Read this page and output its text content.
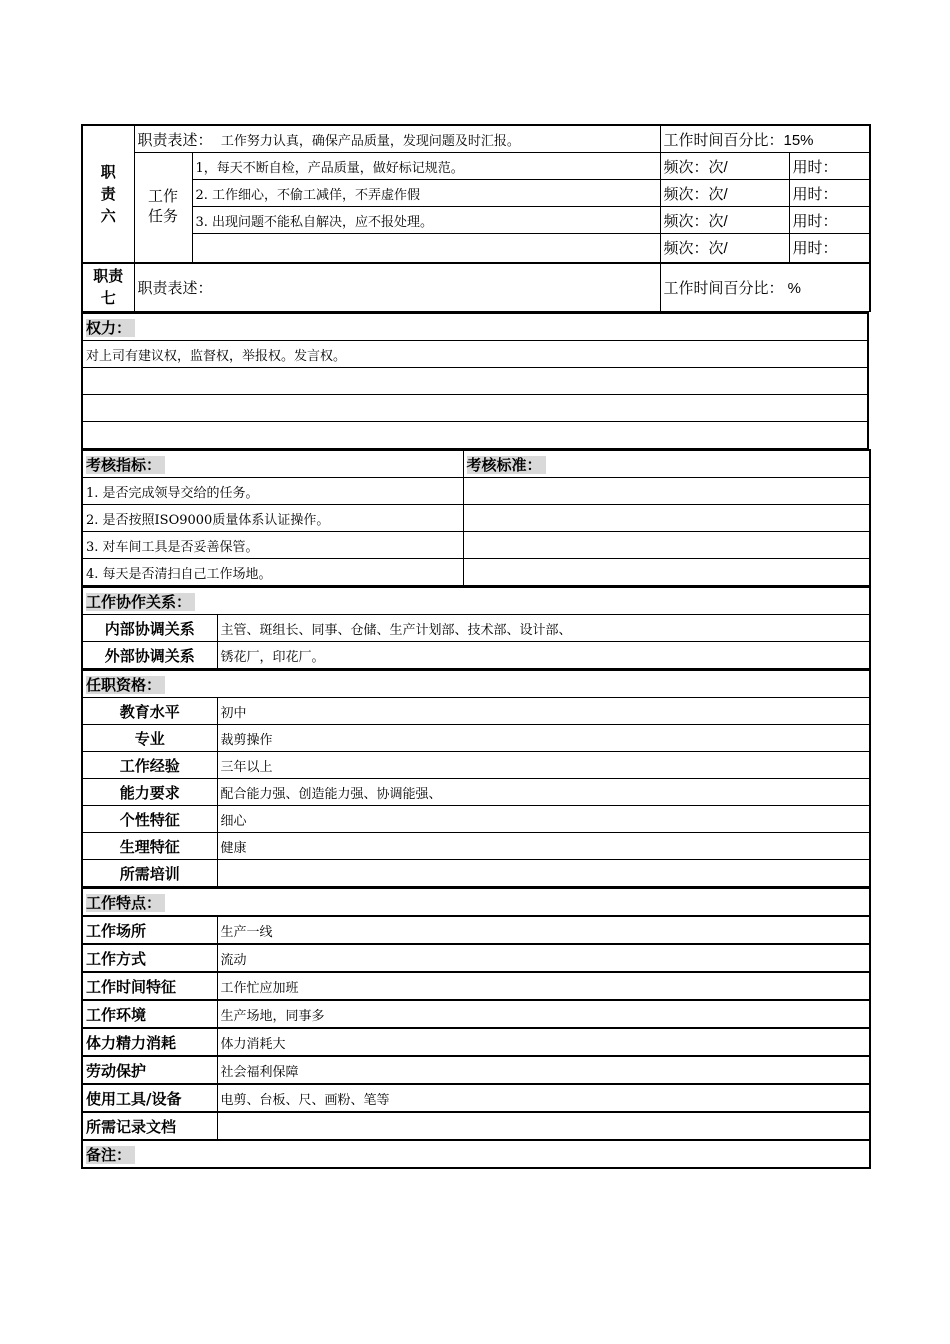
职责六	职责表述： 工作努力认真，确保产品质量，发现问题及时汇报。		工作时间百分比：15%	
	工作任务	1，每天不断自检，产品质量，做好标记规范。	频次：次/	用时：
		2. 工作细心，不偷工减佯，不弄虚作假	频次：次/	用时：
		3. 出现问题不能私自解决，应不报处理。	频次：次/	用时：
			频次：次/	用时：
职责七	职责表述：		工作时间百分比： %	
权力：
对上司有建议权，监督权，举报权。发言权。

考核指标：	考核标准：
1. 是否完成领导交给的任务。	
2. 是否按照ISO9000质量体系认证操作。	
3. 对车间工具是否妥善保管。	
4. 每天是否清扫自己工作场地。	
工作协作关系：	
内部协调关系	主管、斑组长、同事、仓储、生产计划部、技术部、设计部、
外部协调关系	锈花厂，印花厂。
任职资格：	
教育水平	初中
专业	裁剪操作
工作经验	三年以上
能力要求	配合能力强、创造能力强、协调能强、
个性特征	细心
生理特征	健康
所需培训	
工作特点：	
工作场所	生产一线
工作方式	流动
工作时间特征	工作忙应加班
工作环境	生产场地，同事多
体力精力消耗	体力消耗大
劳动保护	社会福利保障
使用工具/设备	电剪、台板、尺、画粉、笔等
所需记录文档	
备注：	
